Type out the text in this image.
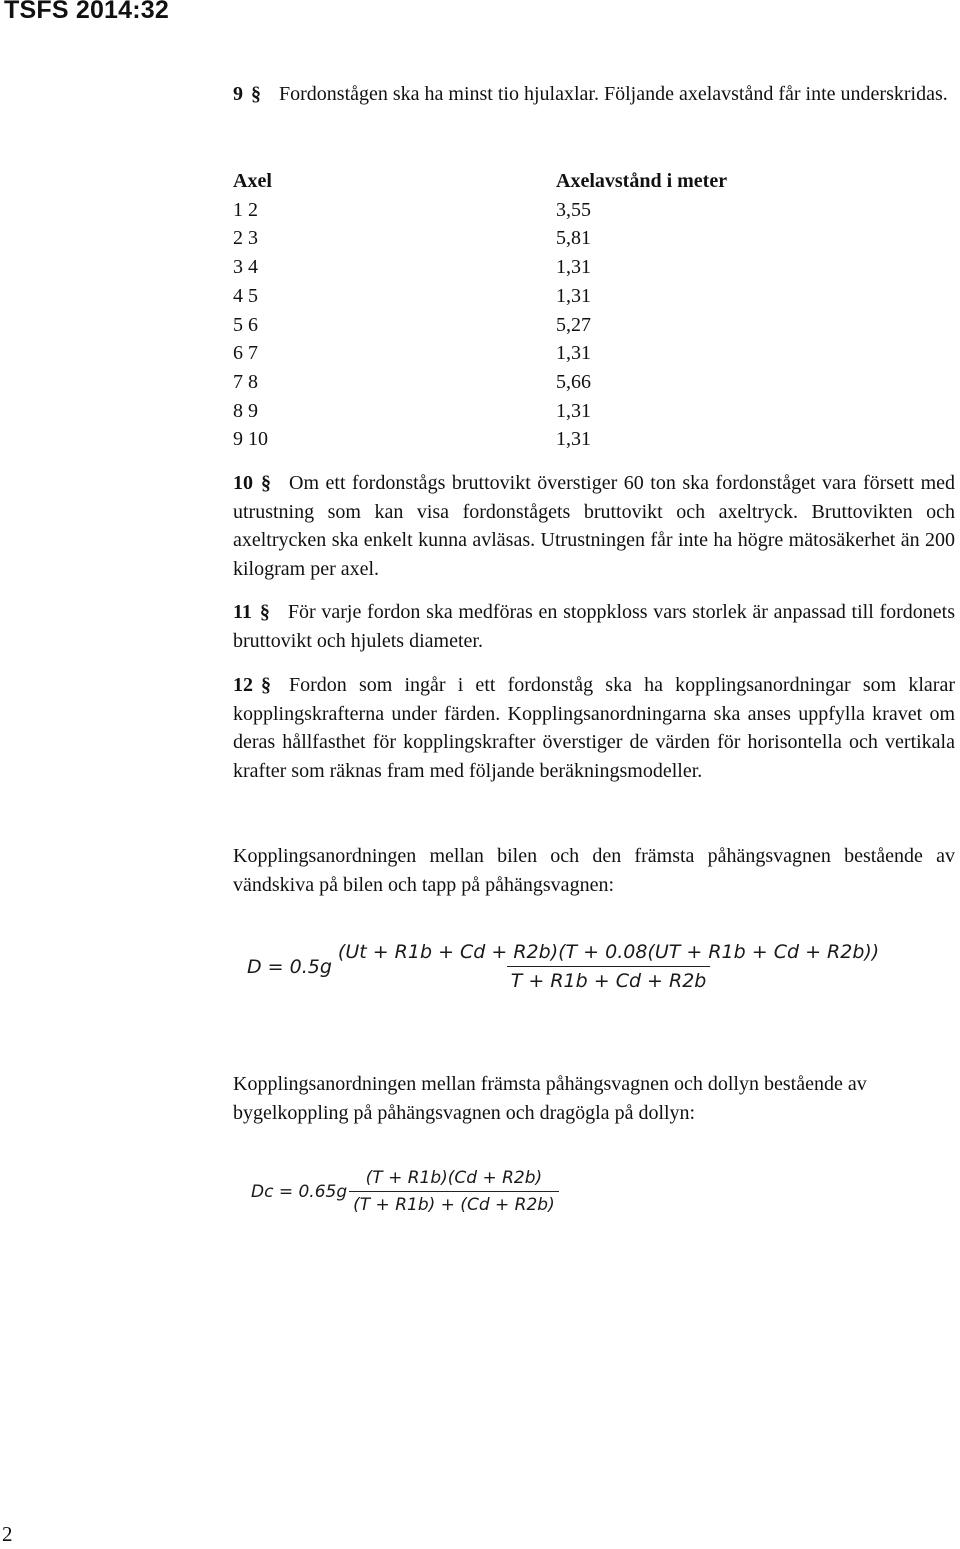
TSFS 2014:32

9 § Fordonstågen ska ha minst tio hjulaxlar. Följande axelavstånd får inte underskridas.

Axel	Axelavstånd i meter
1 2	3,55
2 3	5,81
3 4	1,31
4 5	1,31
5 6	5,27
6 7	1,31
7 8	5,66
8 9	1,31
9 10	1,31

10 § Om ett fordonstågs bruttovikt överstiger 60 ton ska fordonståget vara försett med utrustning som kan visa fordonstågets bruttovikt och axeltryck. Bruttovikten och axeltrycken ska enkelt kunna avläsas. Utrustningen får inte ha högre mätosäkerhet än 200 kilogram per axel.

11 § För varje fordon ska medföras en stoppkloss vars storlek är anpassad till fordonets bruttovikt och hjulets diameter.

12 § Fordon som ingår i ett fordonståg ska ha kopplingsanordningar som klarar kopplingskrafterna under färden. Kopplingsanordningarna ska anses uppfylla kravet om deras hållfasthet för kopplingskrafter överstiger de värden för horisontella och vertikala krafter som räknas fram med följande beräkningsmodeller.

Kopplingsanordningen mellan bilen och den främsta påhängsvagnen bestående av vändskiva på bilen och tapp på påhängsvagnen:

$D = 0.5g \frac{(Ut + R1b + Cd + R2b)(T + 0.08(UT + R1b + Cd + R2b))}{T + R1b + Cd + R2b}$

Kopplingsanordningen mellan främsta påhängsvagnen och dollyn bestående av bygelkoppling på påhängsvagnen och dragögla på dollyn:

$Dc = 0.65g \frac{(T + R1b)(Cd + R2b)}{(T + R1b) + (Cd + R2b)}$
2
